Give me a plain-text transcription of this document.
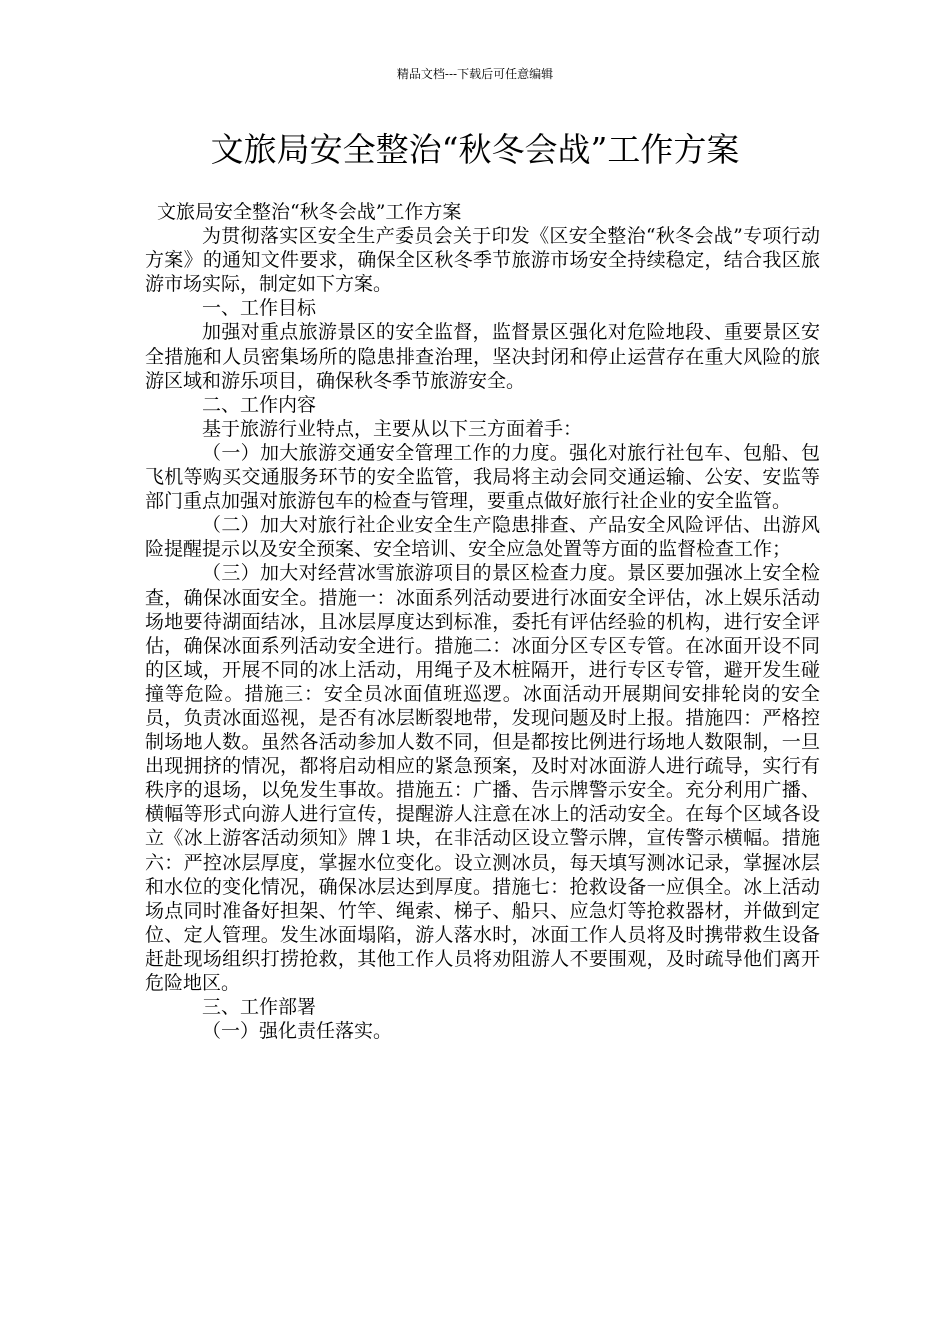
精品文档---下载后可任意编辑
文旅局安全整治“秋冬会战”工作方案

文旅局安全整治“秋冬会战”工作方案

为贯彻落实区安全生产委员会关于印发《区安全整治“秋冬会战”专项行动方案》的通知文件要求，确保全区秋冬季节旅游市场安全持续稳定，结合我区旅游市场实际，制定如下方案。

一、工作目标

加强对重点旅游景区的安全监督，监督景区强化对危险地段、重要景区安全措施和人员密集场所的隐患排查治理，坚决封闭和停止运营存在重大风险的旅游区域和游乐项目，确保秋冬季节旅游安全。

二、工作内容

基于旅游行业特点，主要从以下三方面着手：

（一）加大旅游交通安全管理工作的力度。强化对旅行社包车、包船、包飞机等购买交通服务环节的安全监管，我局将主动会同交通运输、公安、安监等部门重点加强对旅游包车的检查与管理，要重点做好旅行社企业的安全监管。

（二）加大对旅行社企业安全生产隐患排查、产品安全风险评估、出游风险提醒提示以及安全预案、安全培训、安全应急处置等方面的监督检查工作；

（三）加大对经营冰雪旅游项目的景区检查力度。景区要加强冰上安全检查，确保冰面安全。措施一：冰面系列活动要进行冰面安全评估，冰上娱乐活动场地要待湖面结冰，且冰层厚度达到标准，委托有评估经验的机构，进行安全评估，确保冰面系列活动安全进行。措施二：冰面分区专区专管。在冰面开设不同的区域，开展不同的冰上活动，用绳子及木桩隔开，进行专区专管，避开发生碰撞等危险。措施三：安全员冰面值班巡逻。冰面活动开展期间安排轮岗的安全员，负责冰面巡视，是否有冰层断裂地带，发现问题及时上报。措施四：严格控制场地人数。虽然各活动参加人数不同，但是都按比例进行场地人数限制，一旦出现拥挤的情况，都将启动相应的紧急预案，及时对冰面游人进行疏导，实行有秩序的退场，以免发生事故。措施五：广播、告示牌警示安全。充分利用广播、横幅等形式向游人进行宣传，提醒游人注意在冰上的活动安全。在每个区域各设立《冰上游客活动须知》牌１块，在非活动区设立警示牌，宣传警示横幅。措施六：严控冰层厚度，掌握水位变化。设立测冰员，每天填写测冰记录，掌握冰层和水位的变化情况，确保冰层达到厚度。措施七：抢救设备一应俱全。冰上活动场点同时准备好担架、竹竿、绳索、梯子、船只、应急灯等抢救器材，并做到定位、定人管理。发生冰面塌陷，游人落水时，冰面工作人员将及时携带救生设备赶赴现场组织打捞抢救，其他工作人员将劝阻游人不要围观，及时疏导他们离开危险地区。

三、工作部署

（一）强化责任落实。
